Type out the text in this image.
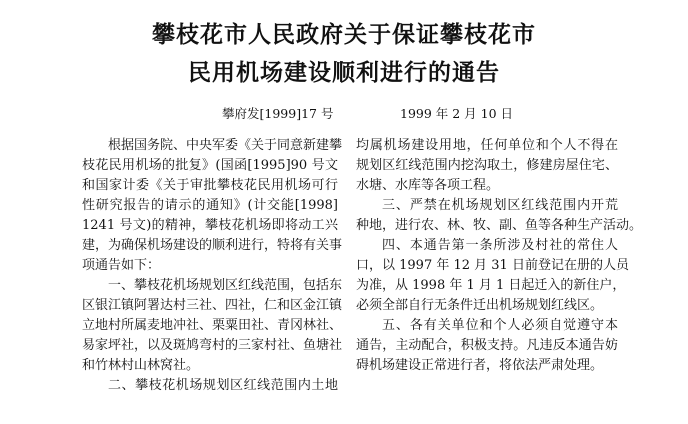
攀枝花市人民政府关于保证攀枝花市
民用机场建设顺利进行的通告
攀府发[1999]17 号	1999 年 2 月 10 日
根据国务院、中央军委《关于同意新建攀
枝花民用机场的批复》(国函[1995]90 号文
和国家计委《关于审批攀枝花民用机场可行
性研究报告的请示的通知》(计交能[1998]
1241 号文)的精神，攀枝花机场即将动工兴
建，为确保机场建设的顺利进行，特将有关事
项通告如下：
一、攀枝花机场规划区红线范围，包括东
区银江镇阿署达村三社、四社，仁和区金江镇
立地村所属麦地冲社、栗粟田社、青冈林社、
易家坪社，以及斑鸠弯村的三家村社、鱼塘社
和竹林村山林窝社。
二、攀枝花机场规划区红线范围内土地
均属机场建设用地，任何单位和个人不得在
规划区红线范围内挖沟取土，修建房屋住宅、
水塘、水库等各项工程。
三、严禁在机场规划区红线范围内开荒
种地，进行农、林、牧、副、鱼等各种生产活动。
四、本通告第一条所涉及村社的常住人
口，以 1997 年 12 月 31 日前登记在册的人员
为准，从 1998 年 1 月 1 日起迁入的新住户，
必须全部自行无条件迁出机场规划红线区。
五、各有关单位和个人必须自觉遵守本
通告，主动配合，积极支持。凡违反本通告妨
碍机场建设正常进行者，将依法严肃处理。
